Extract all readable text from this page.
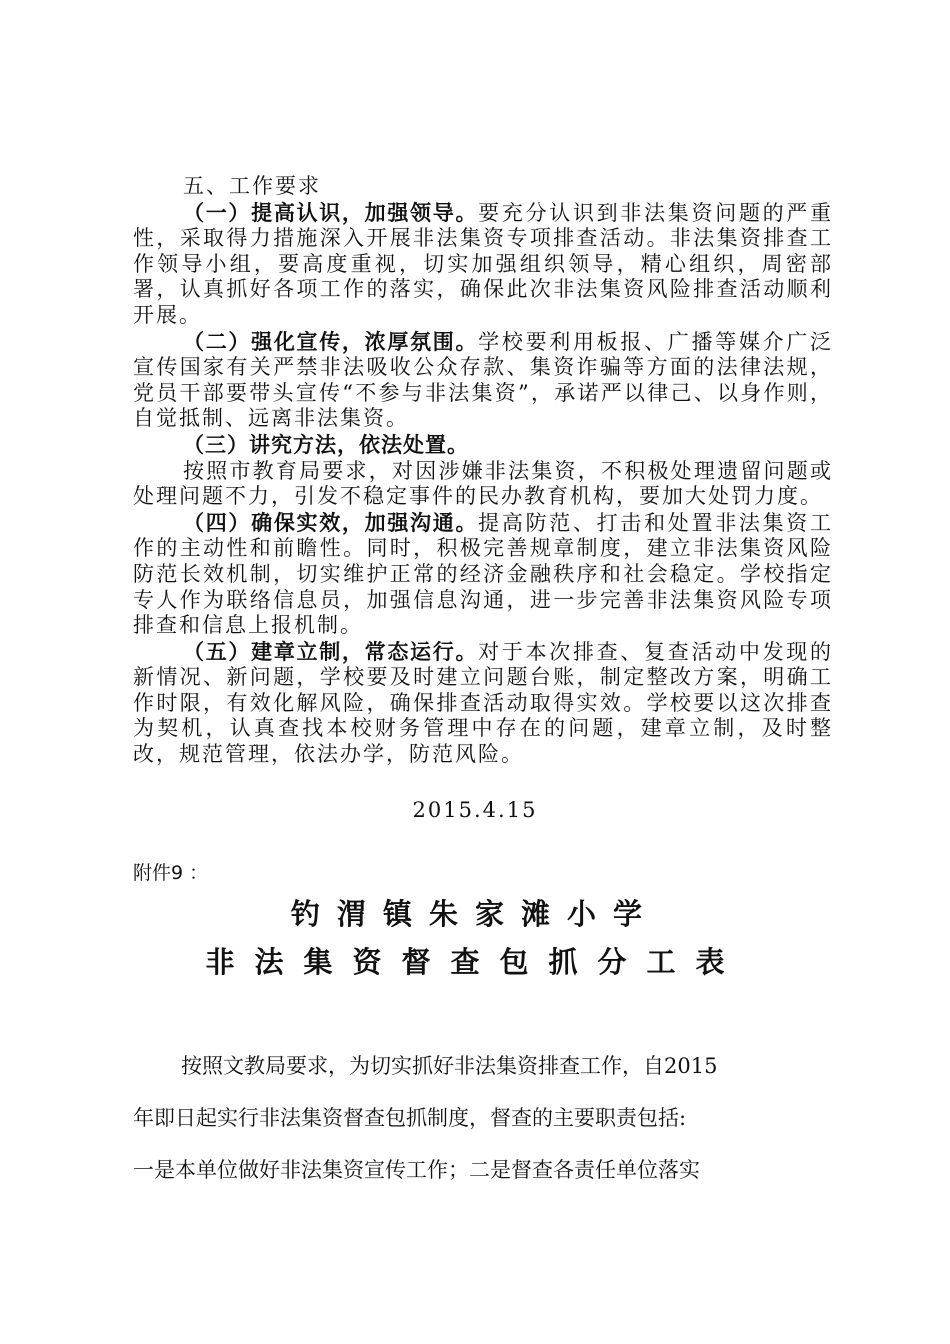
五、工作要求

（一）提高认识，加强领导。要充分认识到非法集资问题的严重性，采取得力措施深入开展非法集资专项排查活动。非法集资排查工作领导小组，要高度重视，切实加强组织领导，精心组织，周密部署，认真抓好各项工作的落实，确保此次非法集资风险排查活动顺利开展。

（二）强化宣传，浓厚氛围。学校要利用板报、广播等媒介广泛宣传国家有关严禁非法吸收公众存款、集资诈骗等方面的法律法规，党员干部要带头宣传“不参与非法集资”，承诺严以律己、以身作则，自觉抵制、远离非法集资。

（三）讲究方法，依法处置。

按照市教育局要求，对因涉嫌非法集资，不积极处理遗留问题或处理问题不力，引发不稳定事件的民办教育机构，要加大处罚力度。

（四）确保实效，加强沟通。提高防范、打击和处置非法集资工作的主动性和前瞻性。同时，积极完善规章制度，建立非法集资风险防范长效机制，切实维护正常的经济金融秩序和社会稳定。学校指定专人作为联络信息员，加强信息沟通，进一步完善非法集资风险专项排查和信息上报机制。

（五）建章立制，常态运行。对于本次排查、复查活动中发现的新情况、新问题，学校要及时建立问题台账，制定整改方案，明确工作时限，有效化解风险，确保排查活动取得实效。学校要以这次排查为契机，认真查找本校财务管理中存在的问题，建章立制，及时整改，规范管理，依法办学，防范风险。

2015.4.15
附件9 ：
钓渭镇朱家滩小学
非法集资督查包抓分工表

按照文教局要求，为切实抓好非法集资排查工作，自2015

年即日起实行非法集资督查包抓制度，督查的主要职责包括:

一是本单位做好非法集资宣传工作；二是督查各责任单位落实
